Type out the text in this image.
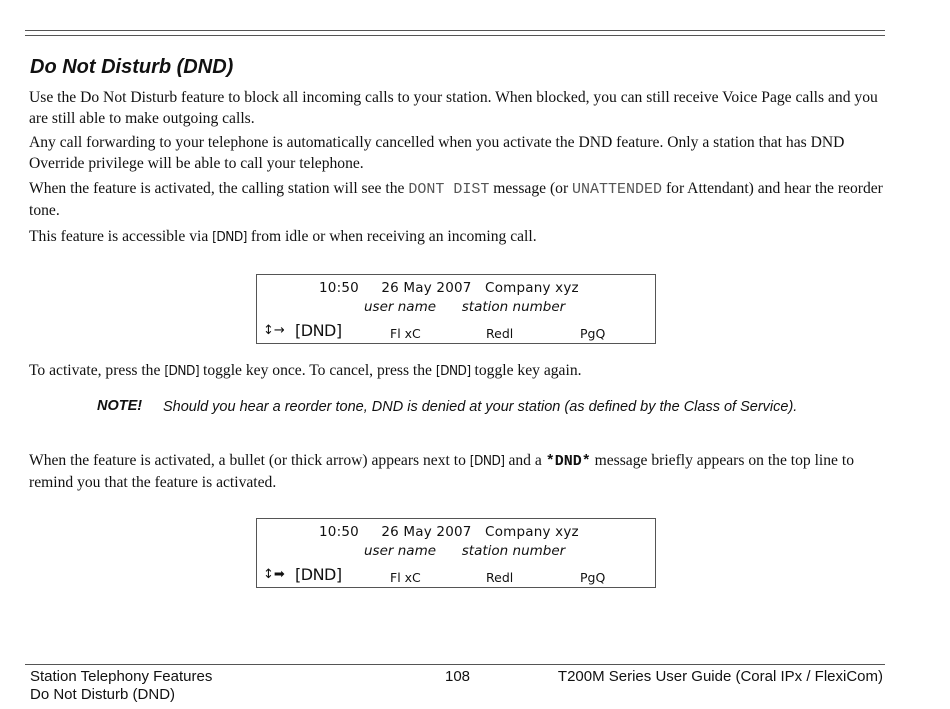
Do Not Disturb (DND)

Use the Do Not Disturb feature to block all incoming calls to your station. When blocked, you can still receive Voice Page calls and you are still able to make outgoing calls.

Any call forwarding to your telephone is automatically cancelled when you activate the DND feature. Only a station that has DND Override privilege will be able to call your telephone.

When the feature is activated, the calling station will see the DONT DIST message (or UNATTENDED for Attendant) and hear the reorder tone.

This feature is accessible via [DND] from idle or when receiving an incoming call.

10:50     26 May 2007   Company xyz
user name      station number
↕→ [DND]	Fl xC	Redl	PgQ

To activate, press the [DND] toggle key once. To cancel, press the [DND] toggle key again.

NOTE! Should you hear a reorder tone, DND is denied at your station (as defined by the Class of Service).

When the feature is activated, a bullet (or thick arrow) appears next to [DND] and a *DND* message briefly appears on the top line to remind you that the feature is activated.

10:50     26 May 2007   Company xyz
user name      station number
↕➡ [DND]	Fl xC	Redl	PgQ
Station Telephony Features
Do Not Disturb (DND)
108	T200M Series User Guide (Coral IPx / FlexiCom)
